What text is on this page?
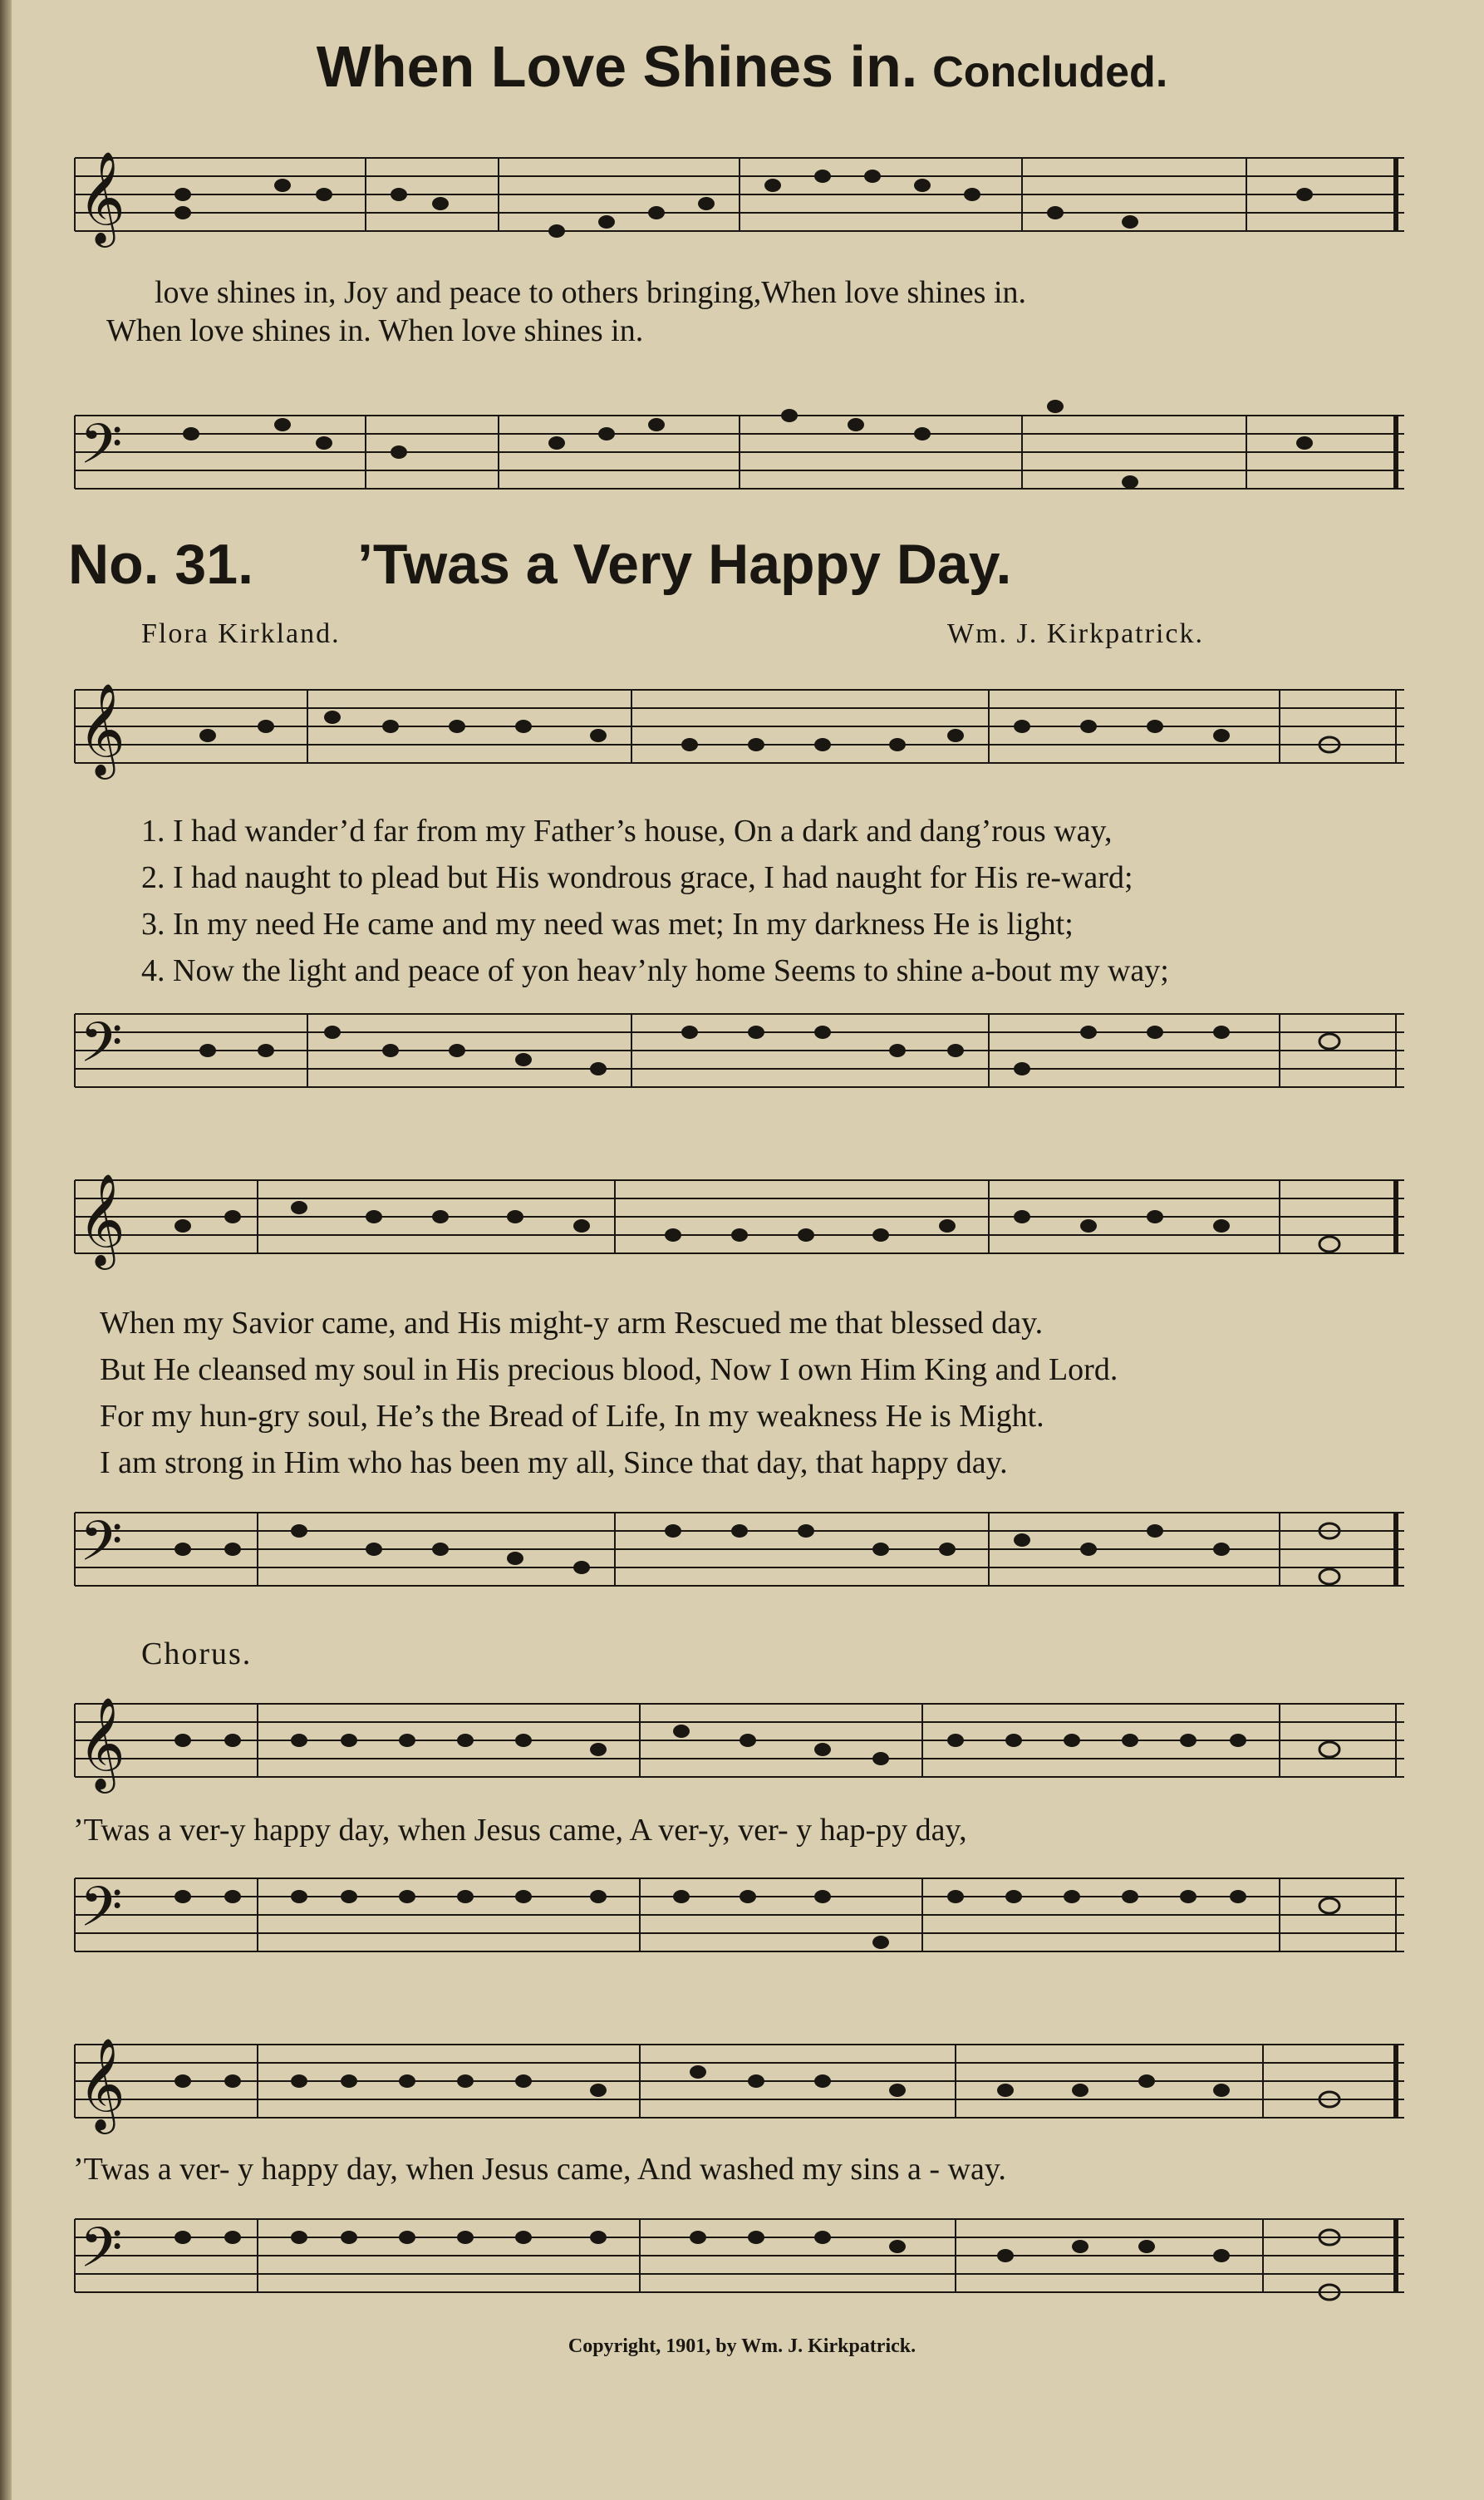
When Love Shines in. Concluded.
𝄞
love shines in, Joy and peace to others bringing,When love shines in.
When love shines in. When love shines in.
𝄢
No. 31. ’Twas a Very Happy Day.
Flora Kirkland.	Wm. J. Kirkpatrick.
𝄞
1. I had wander’d far from my Father’s house, On a dark and dang’rous way,
2. I had naught to plead but His wondrous grace, I had naught for His re-ward;
3. In my need He came and my need was met; In my darkness He is light;
4. Now the light and peace of yon heav’nly home Seems to shine a-bout my way;
𝄢
𝄞
When my Savior came, and His might-y arm Rescued me that blessed day.
But He cleansed my soul in His precious blood, Now I own Him King and Lord.
For my hun-gry soul, He’s the Bread of Life, In my weakness He is Might.
I am strong in Him who has been my all, Since that day, that happy day.
𝄢
Chorus.
𝄞
’Twas a ver-y happy day, when Jesus came, A ver-y, ver- y hap-py day,
𝄢
𝄞
’Twas a ver- y happy day, when Jesus came, And washed my sins a - way.
𝄢
Copyright, 1901, by Wm. J. Kirkpatrick.
